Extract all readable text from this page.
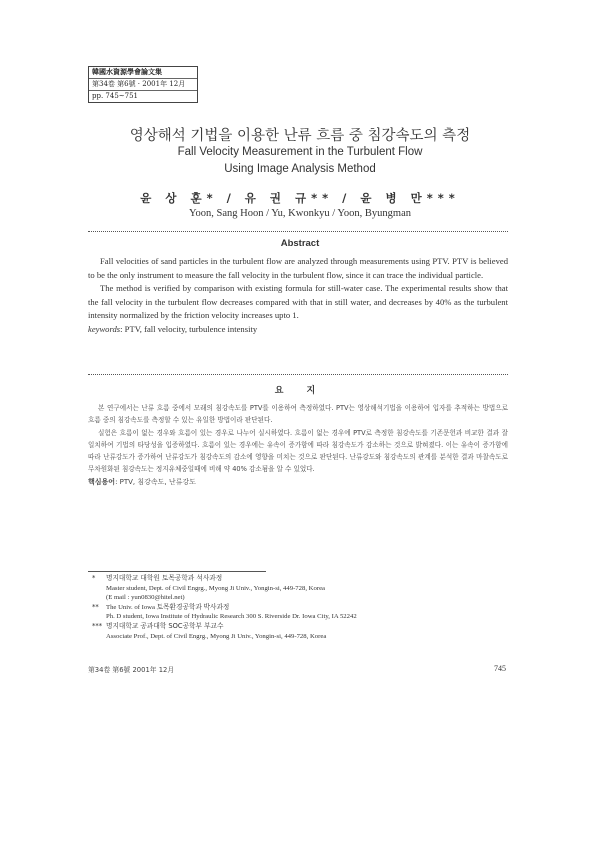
韓國水資源學會論文集
第34卷 第6號 · 2001年 12月
pp. 745~751
영상해석 기법을 이용한 난류 흐름 중 침강속도의 측정
Fall Velocity Measurement in the Turbulent Flow
Using Image Analysis Method
윤 상 훈* / 유 권 규** / 윤 병 만***
Yoon, Sang Hoon / Yu, Kwonkyu / Yoon, Byungman
Abstract

Fall velocities of sand particles in the turbulent flow are analyzed through measurements using PTV. PTV is believed to be the only instrument to measure the fall velocity in the turbulent flow, since it can trace the individual particle.

The method is verified by comparison with existing formula for still-water case. The experimental results show that the fall velocity in the turbulent flow decreases compared with that in still water, and decreases by 40% as the turbulent intensity normalized by the friction velocity increases upto 1.

keywords: PTV, fall velocity, turbulence intensity

요 지

본 연구에서는 난류 흐름 중에서 모래의 침강속도를 PTV를 이용하여 측정하였다. PTV는 영상해석기법을 이용하여 입자를 추적하는 방법으로 흐름 중의 침강속도를 측정할 수 있는 유일한 방법이라 판단된다.

실험은 흐름이 없는 경우와 흐름이 있는 경우로 나누어 실시하였다. 흐름이 없는 경우에 PTV로 측정한 침강속도를 기존문헌과 비교한 결과 잘 일치하여 기법의 타당성을 입증하였다. 흐름이 있는 경우에는 유속이 증가함에 따라 침강속도가 감소하는 것으로 밝혀졌다. 이는 유속이 증가함에 따라 난류강도가 증가하여 난류강도가 침강속도의 감소에 영향을 미치는 것으로 판단된다. 난류강도와 침강속도의 관계를 분석한 결과 마찰속도로 무차원화된 침강속도는 정지유체중일때에 비해 약 40% 감소됨을 알 수 있었다.

핵심용어: PTV, 침강속도, 난류강도

*	명지대학교 대학원 토목공학과 석사과정
Master student, Dept. of Civil Engrg., Myong Ji Univ., Yongin-si, 449-728, Korea
(E mail : yun0830@hitel.net)
**	The Univ. of Iowa 토목환경공학과 박사과정
Ph. D student, Iowa Institute of Hydraulic Research 300 S. Riverside Dr. Iowa City, IA 52242
*** 명지대학교 공과대학 SOC공학부 부교수
Associate Prof., Dept. of Civil Engrg., Myong Ji Univ., Yongin-si, 449-728, Korea
第34卷 第6號 2001年 12月	745
